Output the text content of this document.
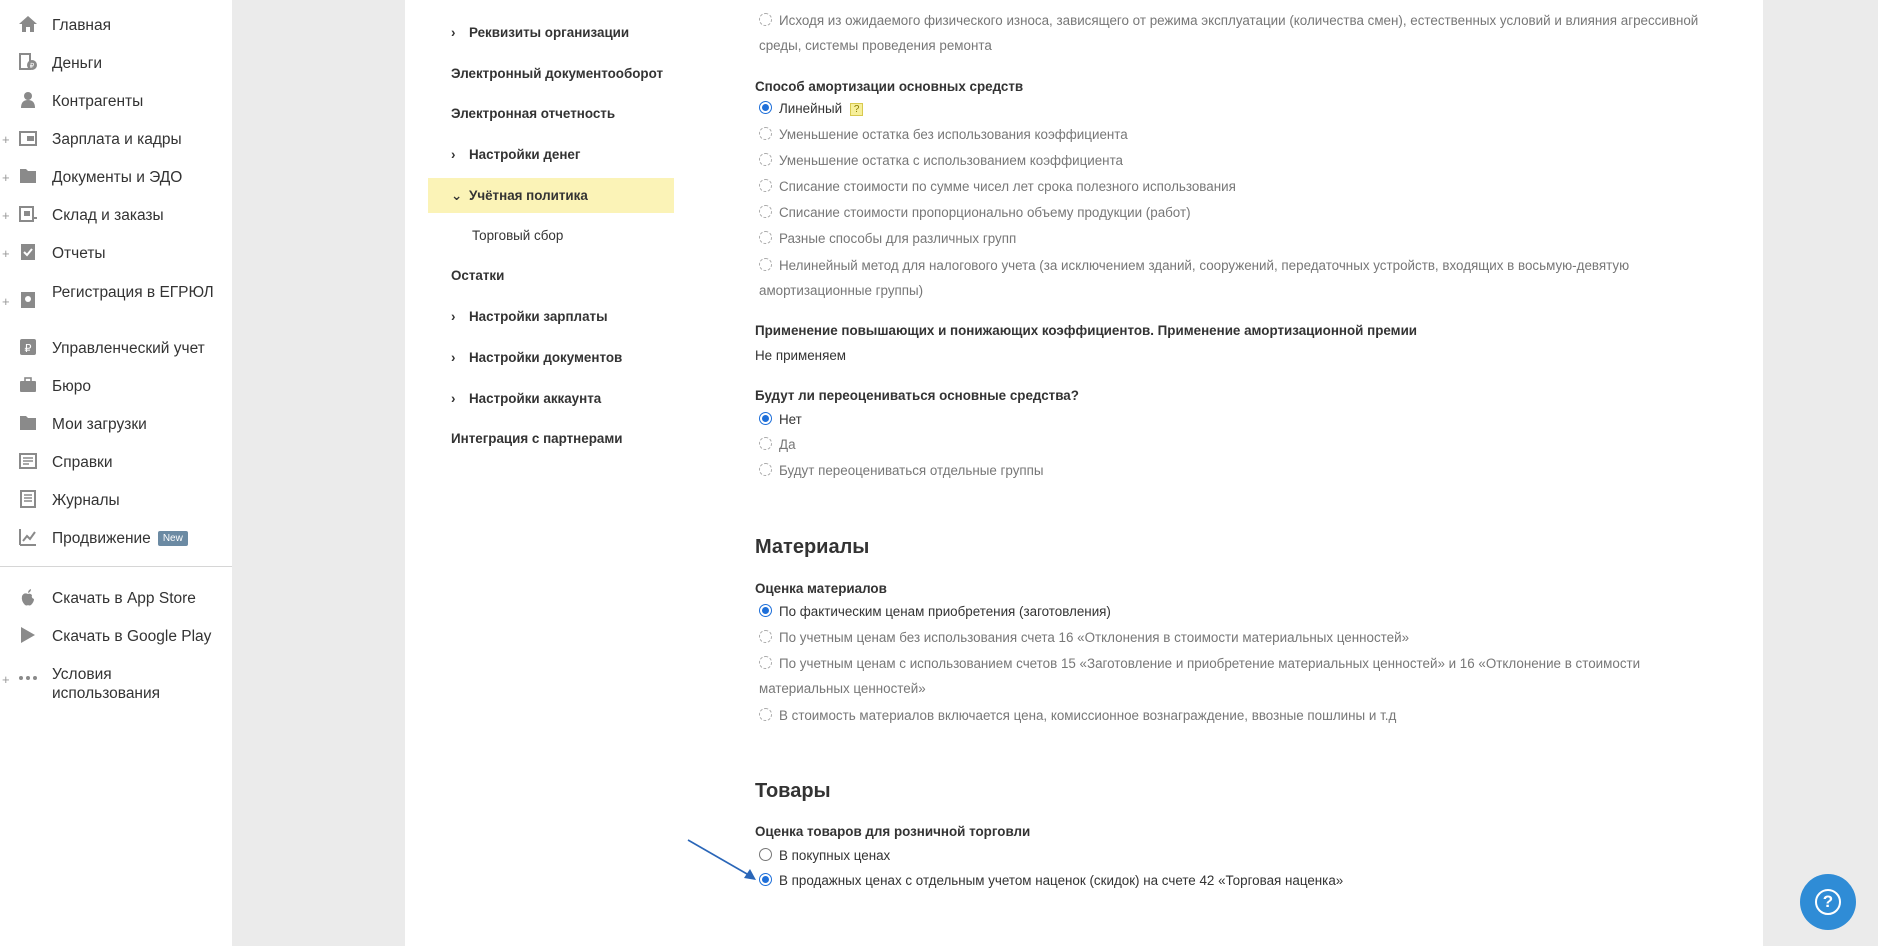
Главная
₽ Деньги
Контрагенты
+	Зарплата и кадры
+	Документы и ЭДО
+	Склад и заказы
+	Отчеты
+
Регистрация в ЕГРЮЛ
₽ Управленческий учет
Бюро
Мои загрузки
Справки
Журналы
Продвижение New
Скачать в App Store
Скачать в Google Play
+	Условия использования
› Реквизиты организации
Электронный документооборот
Электронная отчетность
› Настройки денег
⌄ Учётная политика
Торговый сбор
Остатки
› Настройки зарплаты
› Настройки документов
› Настройки аккаунта
Интеграция с партнерами
Исходя из ожидаемого физического износа, зависящего от режима эксплуатации (количества смен), естественных условий и влияния агрессивной среды, системы проведения ремонта
Способ амортизации основных средств
Линейный ?
Уменьшение остатка без использования коэффициента
Уменьшение остатка с использованием коэффициента
Списание стоимости по сумме чисел лет срока полезного использования
Списание стоимости пропорционально объему продукции (работ)
Разные способы для различных групп
Нелинейный метод для налогового учета (за исключением зданий, сооружений, передаточных устройств, входящих в восьмую-девятую амортизационные группы)
Применение повышающих и понижающих коэффициентов. Применение амортизационной премии
Не применяем
Будут ли переоцениваться основные средства?
Нет
Да
Будут переоцениваться отдельные группы
Материалы
Оценка материалов
По фактическим ценам приобретения (заготовления)
По учетным ценам без использования счета 16 «Отклонения в стоимости материальных ценностей»
По учетным ценам с использованием счетов 15 «Заготовление и приобретение материальных ценностей» и 16 «Отклонение в стоимости материальных ценностей»
В стоимость материалов включается цена, комиссионное вознаграждение, ввозные пошлины и т.д
Товары
Оценка товаров для розничной торговли
В покупных ценах
В продажных ценах с отдельным учетом наценок (скидок) на счете 42 «Торговая наценка»
?
